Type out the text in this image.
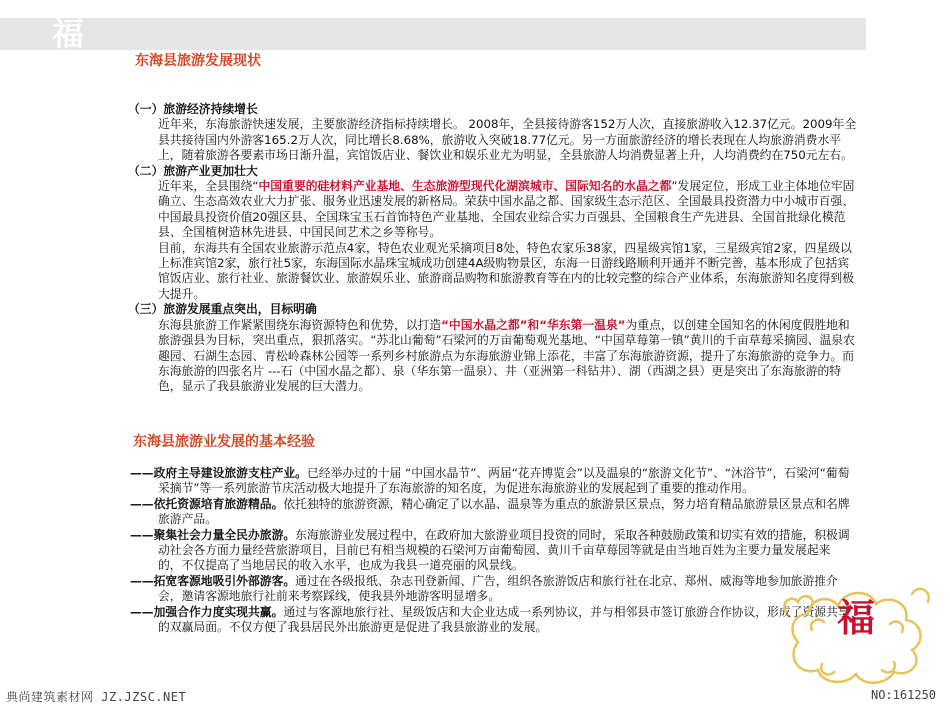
福
东海县旅游发展现状

（一）旅游经济持续增长

近年来，东海旅游快速发展，主要旅游经济指标持续增长。 2008年，全县接待游客152万人次，直接旅游收入12.37亿元。2009年全县共接待国内外游客165.2万人次，同比增长8.68%，旅游收入突破18.77亿元。另一方面旅游经济的增长表现在人均旅游消费水平上，随着旅游各要素市场日渐升温，宾馆饭店业、餐饮业和娱乐业尤为明显，全县旅游人均消费显著上升，人均消费约在750元左右。

（二）旅游产业更加壮大

近年来，全县围绕“中国重要的硅材料产业基地、生态旅游型现代化湖滨城市、国际知名的水晶之都”发展定位，形成工业主体地位牢固确立、生态高效农业大力扩张、服务业迅速发展的新格局。荣获中国水晶之都、国家级生态示范区、全国最具投资潜力中小城市百强、中国最具投资价值20强区县、全国珠宝玉石首饰特色产业基地、全国农业综合实力百强县、全国粮食生产先进县、全国首批绿化模范县、全国植树造林先进县、中国民间艺术之乡等称号。

目前，东海共有全国农业旅游示范点4家，特色农业观光采摘项目8处，特色农家乐38家，四星级宾馆1家，三星级宾馆2家，四星级以上标准宾馆2家，旅行社5家，东海国际水晶珠宝城成功创建4A级购物景区，东海一日游线路顺利开通并不断完善，基本形成了包括宾馆饭店业、旅行社业、旅游餐饮业、旅游娱乐业、旅游商品购物和旅游教育等在内的比较完整的综合产业体系，东海旅游知名度得到极大提升。

（三）旅游发展重点突出，目标明确

东海县旅游工作紧紧围绕东海资源特色和优势，以打造“中国水晶之都”和“华东第一温泉”为重点，以创建全国知名的休闲度假胜地和旅游强县为目标，突出重点，狠抓落实。“苏北山葡萄”石梁河的万亩葡萄观光基地、“中国草莓第一镇”黄川的千亩草莓采摘园、温泉农趣园、石湖生态园、青松岭森林公园等一系列乡村旅游点为东海旅游业锦上添花，丰富了东海旅游资源，提升了东海旅游的竞争力。而东海旅游的四张名片 ---石（中国水晶之都）、泉（华东第一温泉）、井（亚洲第一科钻井）、湖（西湖之县）更是突出了东海旅游的特色，显示了我县旅游业发展的巨大潜力。

东海县旅游业发展的基本经验

——政府主导建设旅游支柱产业。已经举办过的十届 “中国水晶节”、两届“花卉博览会”以及温泉的“旅游文化节”、“沐浴节”，石梁河“葡萄采摘节”等一系列旅游节庆活动极大地提升了东海旅游的知名度，为促进东海旅游业的发展起到了重要的推动作用。

——依托资源培育旅游精品。依托独特的旅游资源，精心确定了以水晶、温泉等为重点的旅游景区景点，努力培育精品旅游景区景点和名牌旅游产品。

——聚集社会力量全民办旅游。东海旅游业发展过程中，在政府加大旅游业项目投资的同时，采取各种鼓励政策和切实有效的措施，积极调动社会各方面力量经营旅游项目，目前已有相当规模的石梁河万亩葡萄园、黄川千亩草莓园等就是由当地百姓为主要力量发展起来的，不仅提高了当地居民的收入水平，也成为我县一道亮丽的风景线。

——拓宽客源地吸引外部游客。通过在各级报纸、杂志刊登新闻、广告，组织各旅游饭店和旅行社在北京、郑州、威海等地参加旅游推介会，邀请客源地旅行社前来考察踩线，使我县外地游客明显增多。

——加强合作力度实现共赢。通过与客源地旅行社、星级饭店和大企业达成一系列协议，并与相邻县市签订旅游合作协议，形成了资源共享的双赢局面。不仅方便了我县居民外出旅游更是促进了我县旅游业的发展。	福
典尚建筑素材网 JZ.JZSC.NET	NO:161250
